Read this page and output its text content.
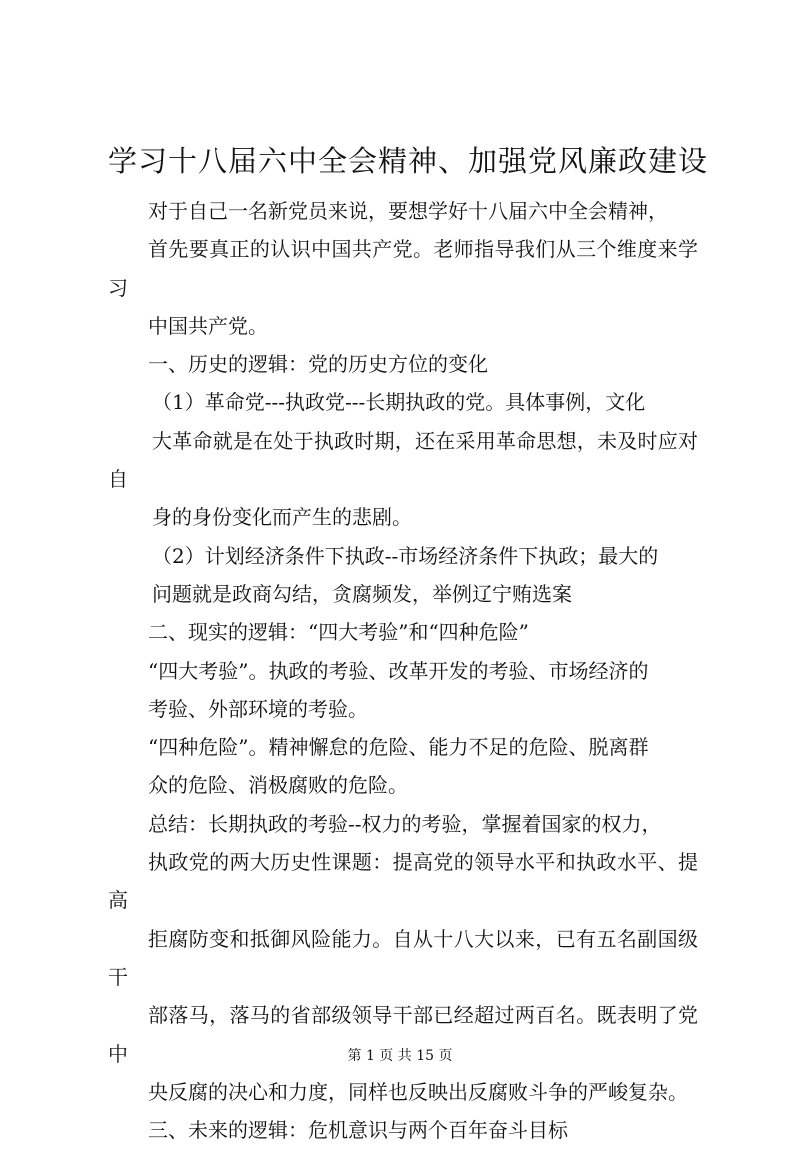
学习十八届六中全会精神、加强党风廉政建设

对于自己一名新党员来说，要想学好十八届六中全会精神，
首先要真正的认识中国共产党。老师指导我们从三个维度来学习
中国共产党。

一、历史的逻辑：党的历史方位的变化

（1）革命党---执政党---长期执政的党。具体事例，文化
大革命就是在处于执政时期，还在采用革命思想，未及时应对自
身的身份变化而产生的悲剧。

（2）计划经济条件下执政--市场经济条件下执政；最大的
问题就是政商勾结，贪腐频发，举例辽宁贿选案

二、现实的逻辑：“四大考验”和“四种危险”

“四大考验”。执政的考验、改革开发的考验、市场经济的
考验、外部环境的考验。

“四种危险”。精神懈怠的危险、能力不足的危险、脱离群
众的危险、消极腐败的危险。

总结：长期执政的考验--权力的考验，掌握着国家的权力，
执政党的两大历史性课题：提高党的领导水平和执政水平、提高
拒腐防变和抵御风险能力。自从十八大以来，已有五名副国级干
部落马，落马的省部级领导干部已经超过两百名。既表明了党中
央反腐的决心和力度，同样也反映出反腐败斗争的严峻复杂。

三、未来的逻辑：危机意识与两个百年奋斗目标

第 1 页 共 15 页
